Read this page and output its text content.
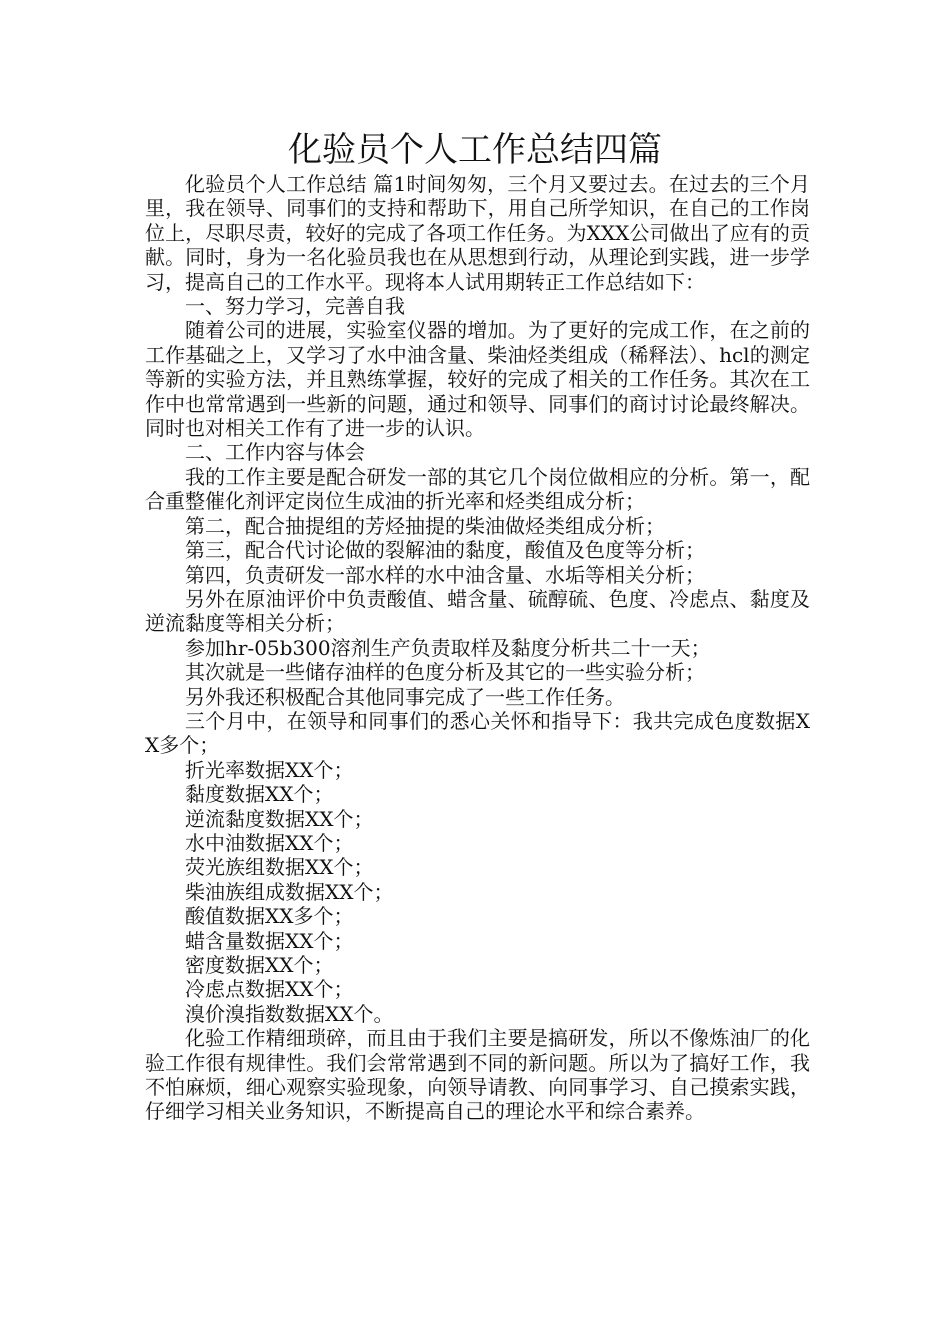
化验员个人工作总结四篇

化验员个人工作总结 篇1时间匆匆，三个月又要过去。在过去的三个月里，我在领导、同事们的支持和帮助下，用自己所学知识，在自己的工作岗位上，尽职尽责，较好的完成了各项工作任务。为XXX公司做出了应有的贡献。同时，身为一名化验员我也在从思想到行动，从理论到实践，进一步学习，提高自己的工作水平。现将本人试用期转正工作总结如下：

一、努力学习，完善自我

随着公司的进展，实验室仪器的增加。为了更好的完成工作，在之前的工作基础之上，又学习了水中油含量、柴油烃类组成（稀释法）、hcl的测定等新的实验方法，并且熟练掌握，较好的完成了相关的工作任务。其次在工作中也常常遇到一些新的问题，通过和领导、同事们的商讨讨论最终解决。同时也对相关工作有了进一步的认识。

二、工作内容与体会

我的工作主要是配合研发一部的其它几个岗位做相应的分析。第一，配合重整催化剂评定岗位生成油的折光率和烃类组成分析；

第二，配合抽提组的芳烃抽提的柴油做烃类组成分析；

第三，配合代讨论做的裂解油的黏度，酸值及色度等分析；

第四，负责研发一部水样的水中油含量、水垢等相关分析；

另外在原油评价中负责酸值、蜡含量、硫醇硫、色度、冷虑点、黏度及逆流黏度等相关分析；

参加hr-05b300溶剂生产负责取样及黏度分析共二十一天；

其次就是一些储存油样的色度分析及其它的一些实验分析；

另外我还积极配合其他同事完成了一些工作任务。

三个月中，在领导和同事们的悉心关怀和指导下：我共完成色度数据XX多个；

折光率数据XX个；

黏度数据XX个；

逆流黏度数据XX个；

水中油数据XX个；

荧光族组数据XX个；

柴油族组成数据XX个；

酸值数据XX多个；

蜡含量数据XX个；

密度数据XX个；

冷虑点数据XX个；

溴价溴指数数据XX个。

化验工作精细琐碎，而且由于我们主要是搞研发，所以不像炼油厂的化验工作很有规律性。我们会常常遇到不同的新问题。所以为了搞好工作，我不怕麻烦，细心观察实验现象，向领导请教、向同事学习、自己摸索实践，仔细学习相关业务知识，不断提高自己的理论水平和综合素养。
